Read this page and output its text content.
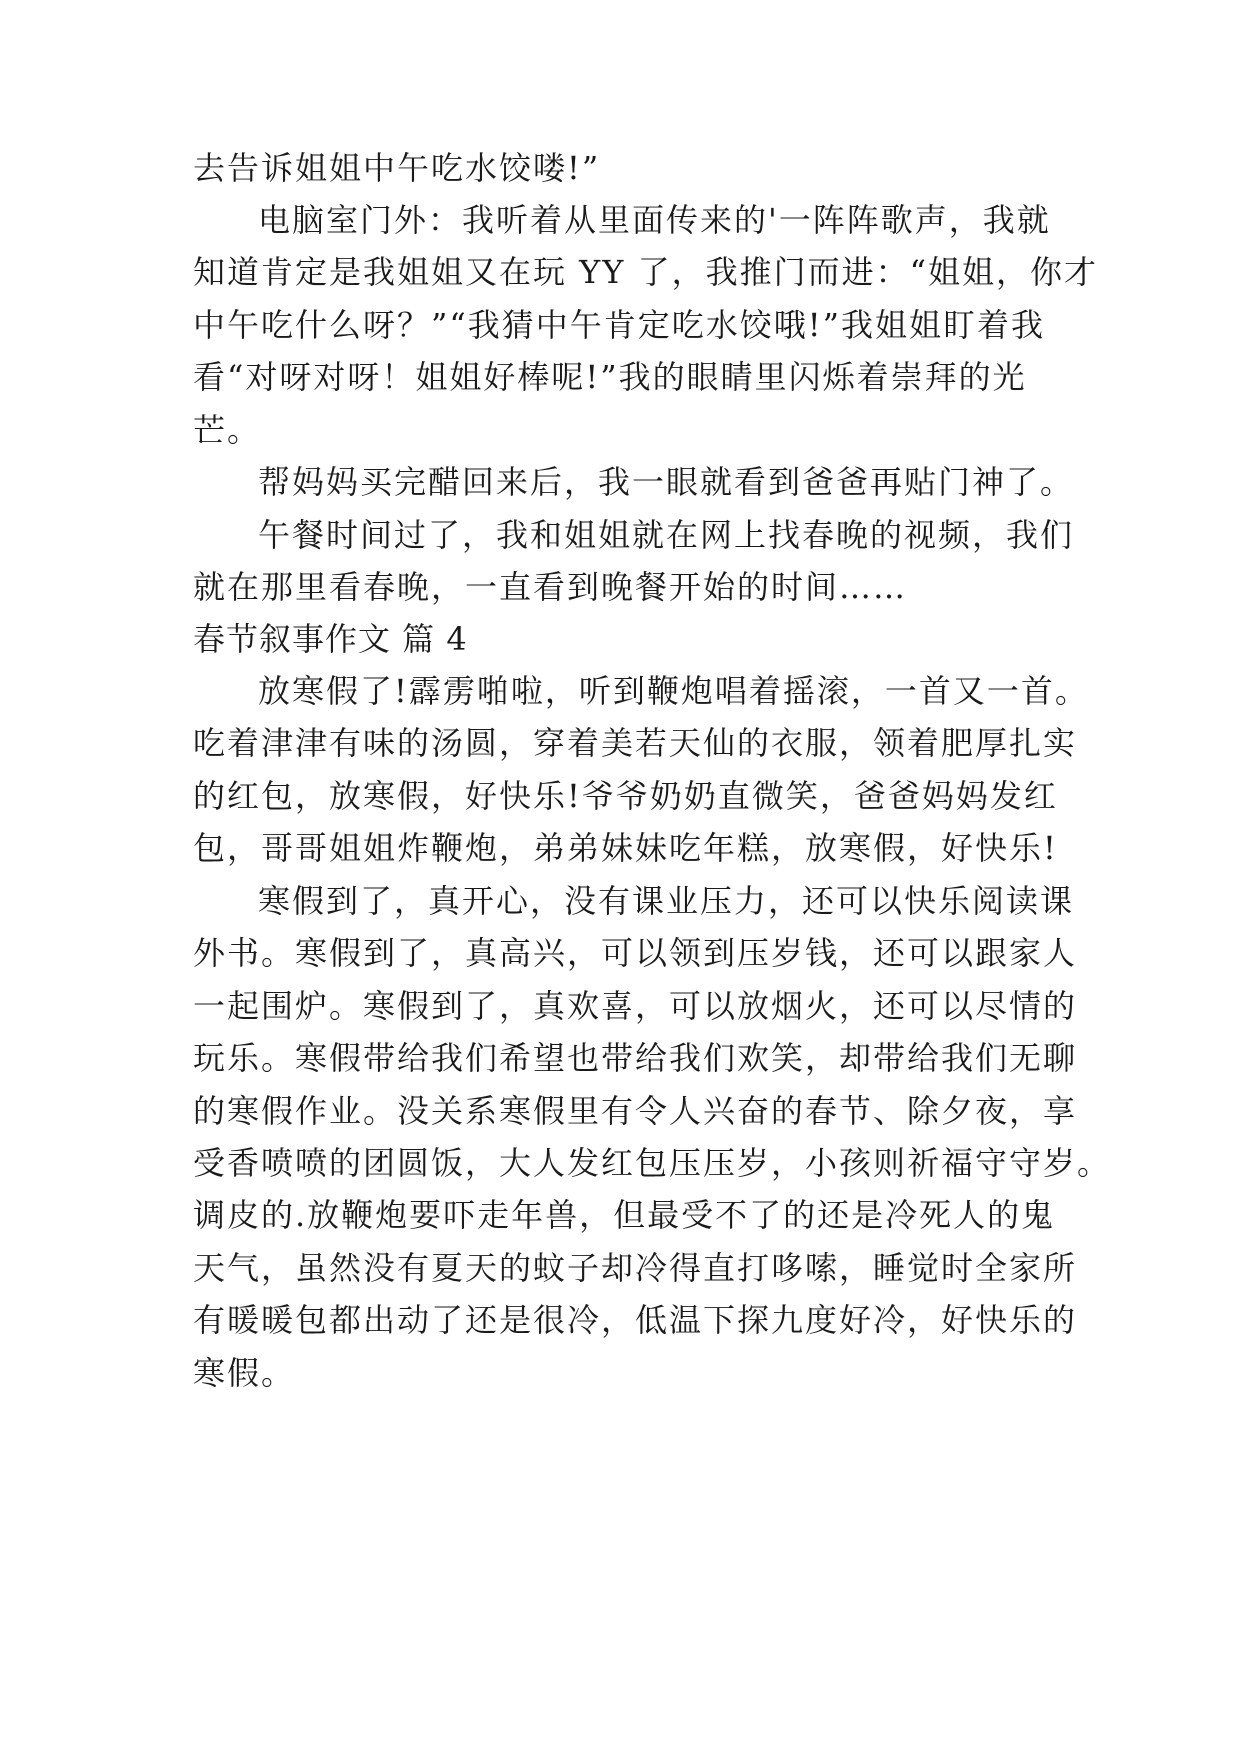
去告诉姐姐中午吃水饺喽!”
电脑室门外：我听着从里面传来的'一阵阵歌声，我就
知道肯定是我姐姐又在玩 YY 了，我推门而进：“姐姐，你才
中午吃什么呀？”“我猜中午肯定吃水饺哦!”我姐姐盯着我
看“对呀对呀！姐姐好棒呢!”我的眼睛里闪烁着崇拜的光
芒。
帮妈妈买完醋回来后，我一眼就看到爸爸再贴门神了。
午餐时间过了，我和姐姐就在网上找春晚的视频，我们
就在那里看春晚，一直看到晚餐开始的时间……
春节叙事作文 篇 4
放寒假了!霹雳啪啦，听到鞭炮唱着摇滚，一首又一首。
吃着津津有味的汤圆，穿着美若天仙的衣服，领着肥厚扎实
的红包，放寒假，好快乐!爷爷奶奶直微笑，爸爸妈妈发红
包，哥哥姐姐炸鞭炮，弟弟妹妹吃年糕，放寒假，好快乐!
寒假到了，真开心，没有课业压力，还可以快乐阅读课
外书。寒假到了，真高兴，可以领到压岁钱，还可以跟家人
一起围炉。寒假到了，真欢喜，可以放烟火，还可以尽情的
玩乐。寒假带给我们希望也带给我们欢笑，却带给我们无聊
的寒假作业。没关系寒假里有令人兴奋的春节、除夕夜，享
受香喷喷的团圆饭，大人发红包压压岁，小孩则祈福守守岁。
调皮的.放鞭炮要吓走年兽，但最受不了的还是冷死人的鬼
天气，虽然没有夏天的蚊子却冷得直打哆嗦，睡觉时全家所
有暖暖包都出动了还是很冷，低温下探九度好冷，好快乐的
寒假。
